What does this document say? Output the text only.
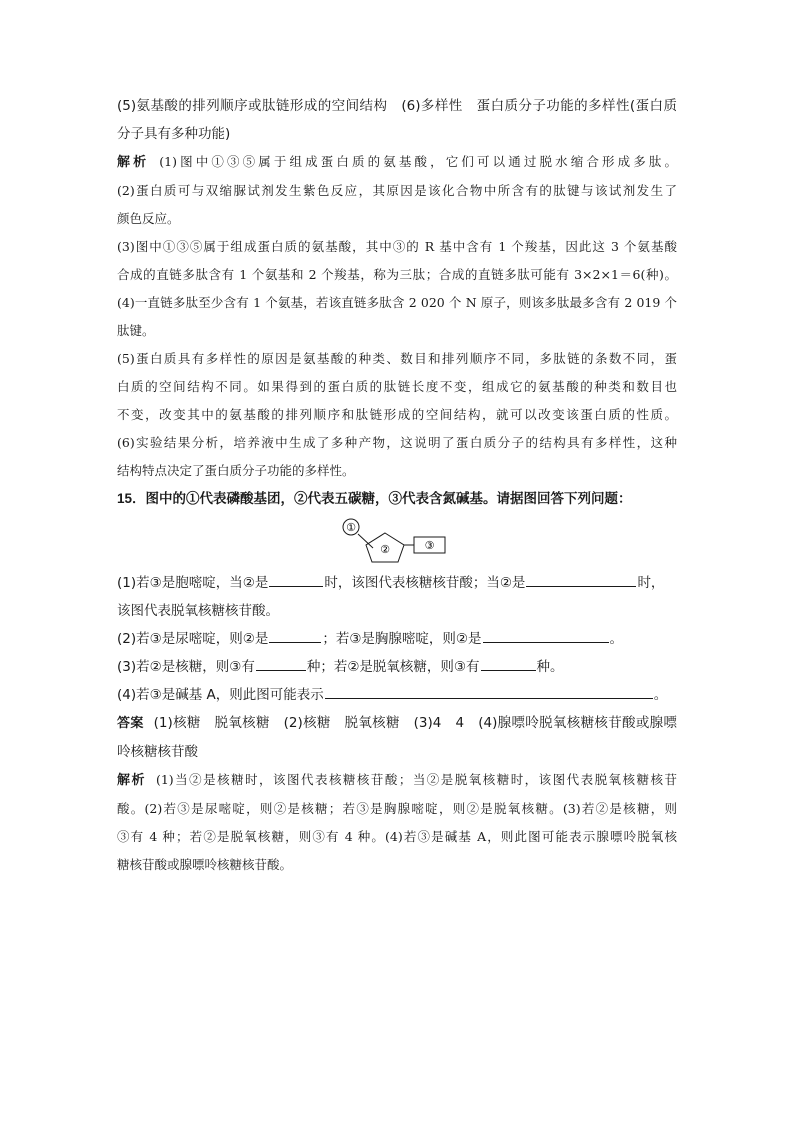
(5)氨基酸的排列顺序或肽链形成的空间结构　(6)多样性　蛋白质分子功能的多样性(蛋白质

分子具有多种功能)

解析 (1)图中①③⑤属于组成蛋白质的氨基酸，它们可以通过脱水缩合形成多肽。

(2)蛋白质可与双缩脲试剂发生紫色反应，其原因是该化合物中所含有的肽键与该试剂发生了

颜色反应。

(3)图中①③⑤属于组成蛋白质的氨基酸，其中③的 R 基中含有 1 个羧基，因此这 3 个氨基酸

合成的直链多肽含有 1 个氨基和 2 个羧基，称为三肽；合成的直链多肽可能有 3×2×1＝6(种)。

(4)一直链多肽至少含有 1 个氨基，若该直链多肽含 2 020 个 N 原子，则该多肽最多含有 2 019 个

肽键。

(5)蛋白质具有多样性的原因是氨基酸的种类、数目和排列顺序不同，多肽链的条数不同，蛋

白质的空间结构不同。如果得到的蛋白质的肽链长度不变，组成它的氨基酸的种类和数目也

不变，改变其中的氨基酸的排列顺序和肽链形成的空间结构，就可以改变该蛋白质的性质。

(6)实验结果分析，培养液中生成了多种产物，这说明了蛋白质分子的结构具有多样性，这种

结构特点决定了蛋白质分子功能的多样性。

15．图中的①代表磷酸基团，②代表五碳糖，③代表含氮碱基。请据图回答下列问题：

①
②	③

(1)若③是胞嘧啶，当②是	时，该图代表核糖核苷酸；当②是	时，

该图代表脱氧核糖核苷酸。

(2)若③是尿嘧啶，则②是	；若③是胸腺嘧啶，则②是	。

(3)若②是核糖，则③有	种；若②是脱氧核糖，则③有	种。

(4)若③是碱基 A，则此图可能表示	。

答案 (1)核糖　脱氧核糖　(2)核糖　脱氧核糖　(3)4　4　(4)腺嘌呤脱氧核糖核苷酸或腺嘌

呤核糖核苷酸

解析 (1)当②是核糖时，该图代表核糖核苷酸；当②是脱氧核糖时，该图代表脱氧核糖核苷

酸。(2)若③是尿嘧啶，则②是核糖；若③是胸腺嘧啶，则②是脱氧核糖。(3)若②是核糖，则

③有 4 种；若②是脱氧核糖，则③有 4 种。(4)若③是碱基 A，则此图可能表示腺嘌呤脱氧核

糖核苷酸或腺嘌呤核糖核苷酸。
